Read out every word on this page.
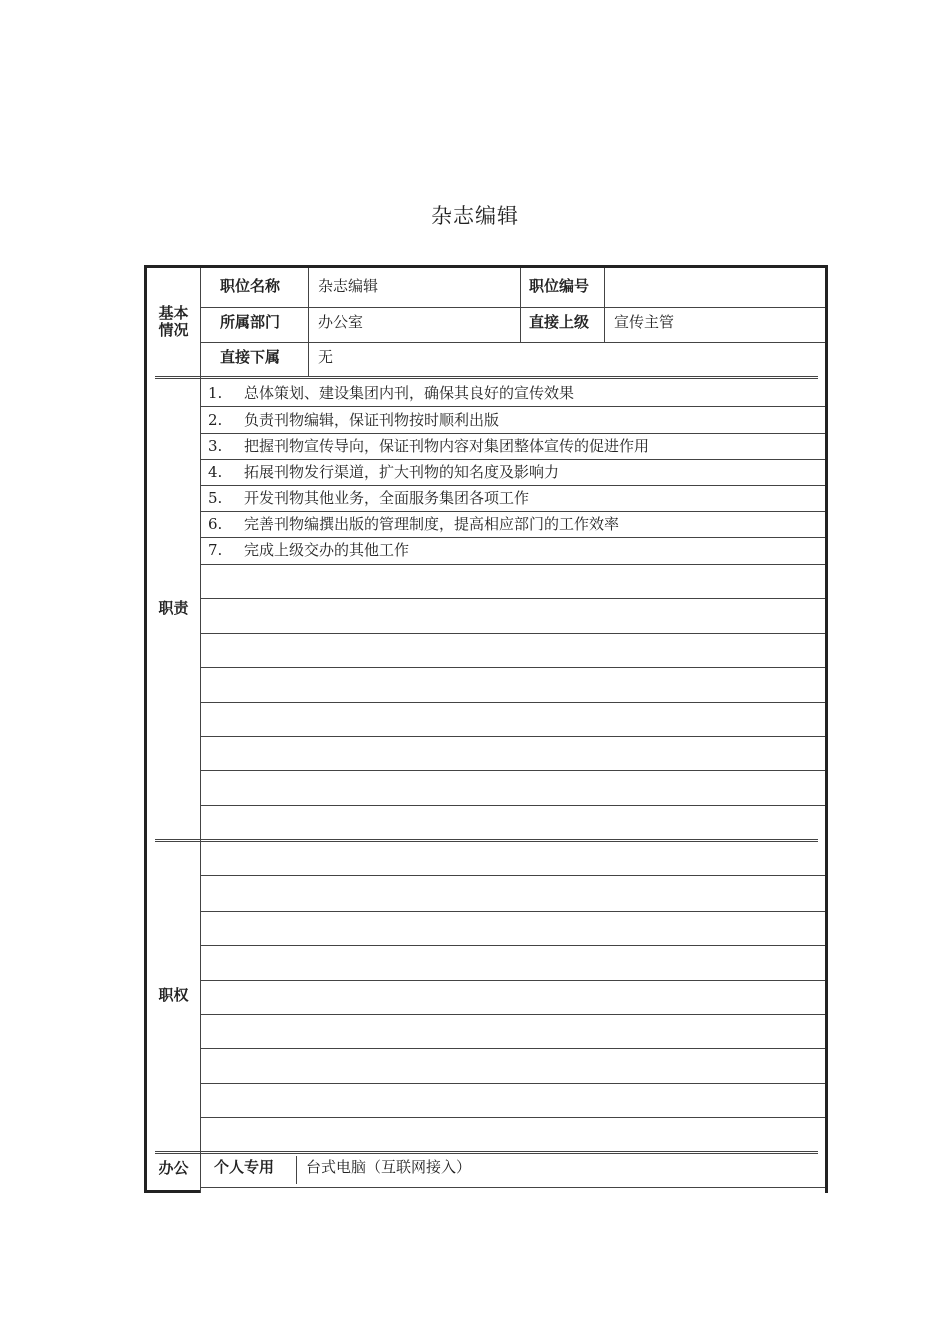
杂志编辑
基本
情况
职位名称	杂志编辑	职位编号
所属部门	办公室	直接上级 宣传主管
直接下属	无
职责
1. 总体策划、建设集团内刊，确保其良好的宣传效果
2. 负责刊物编辑，保证刊物按时顺利出版
3. 把握刊物宣传导向，保证刊物内容对集团整体宣传的促进作用
4. 拓展刊物发行渠道，扩大刊物的知名度及影响力
5. 开发刊物其他业务，全面服务集团各项工作
6. 完善刊物编撰出版的管理制度，提高相应部门的工作效率
7. 完成上级交办的其他工作
职权
办公	个人专用 台式电脑（互联网接入）
